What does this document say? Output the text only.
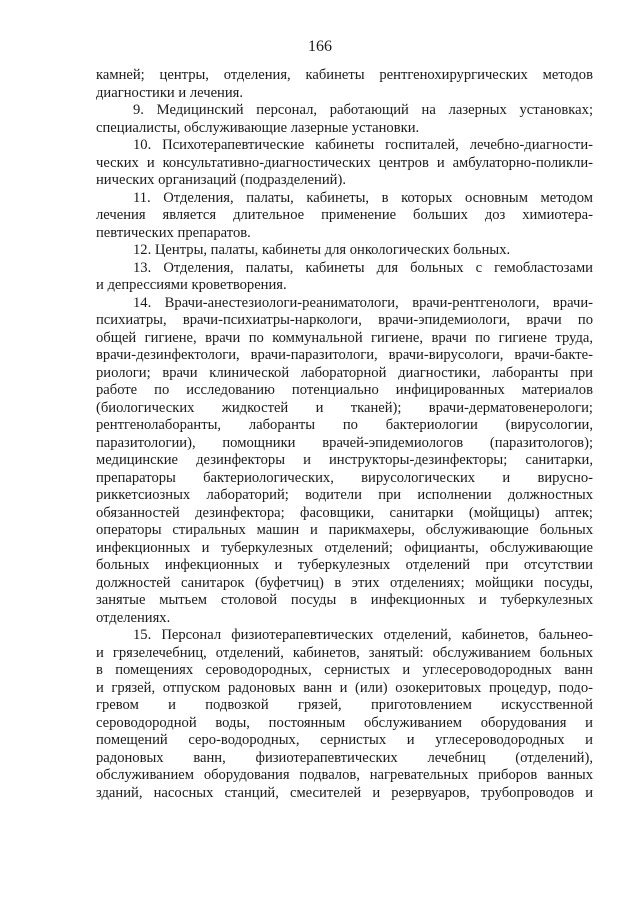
166
камней; центры, отделения, кабинеты рентгенохирургических методов
диагностики и лечения.
9. Медицинский персонал, работающий на лазерных установках;
специалисты, обслуживающие лазерные установки.
10. Психотерапевтические кабинеты госпиталей, лечебно-диагности-
ческих и консультативно-диагностических центров и амбулаторно-поликли-
нических организаций (подразделений).
11. Отделения, палаты, кабинеты, в которых основным методом
лечения является длительное применение больших доз химиотера-
певтических препаратов.
12. Центры, палаты, кабинеты для онкологических больных.
13. Отделения, палаты, кабинеты для больных с гемобластозами
и депрессиями кроветворения.
14. Врачи-анестезиологи-реаниматологи, врачи-рентгенологи, врачи-
психиатры, врачи-психиатры-наркологи, врачи-эпидемиологи, врачи по
общей гигиене, врачи по коммунальной гигиене, врачи по гигиене труда,
врачи-дезинфектологи, врачи-паразитологи, врачи-вирусологи, врачи-бакте-
риологи; врачи клинической лабораторной диагностики, лаборанты при
работе по исследованию потенциально инфицированных материалов
(биологических жидкостей и тканей); врачи-дерматовенерологи;
рентгенолаборанты, лаборанты по бактериологии (вирусологии,
паразитологии), помощники врачей-эпидемиологов (паразитологов);
медицинские дезинфекторы и инструкторы-дезинфекторы; санитарки,
препараторы бактериологических, вирусологических и вирусно-
риккетсиозных лабораторий; водители при исполнении должностных
обязанностей дезинфектора; фасовщики, санитарки (мойщицы) аптек;
операторы стиральных машин и парикмахеры, обслуживающие больных
инфекционных и туберкулезных отделений; официанты, обслуживающие
больных инфекционных и туберкулезных отделений при отсутствии
должностей санитарок (буфетчиц) в этих отделениях; мойщики посуды,
занятые мытьем столовой посуды в инфекционных и туберкулезных
отделениях.
15. Персонал физиотерапевтических отделений, кабинетов, бальнео-
и грязелечебниц, отделений, кабинетов, занятый: обслуживанием больных
в помещениях сероводородных, сернистых и углесероводородных ванн
и грязей, отпуском радоновых ванн и (или) озокеритовых процедур, подо-
гревом и подвозкой грязей, приготовлением искусственной
сероводородной воды, постоянным обслуживанием оборудования и
помещений серо-водородных, сернистых и углесероводородных и
радоновых ванн, физиотерапевтических лечебниц (отделений),
обслуживанием оборудования подвалов, нагревательных приборов ванных
зданий, насосных станций, смесителей и резервуаров, трубопроводов и
